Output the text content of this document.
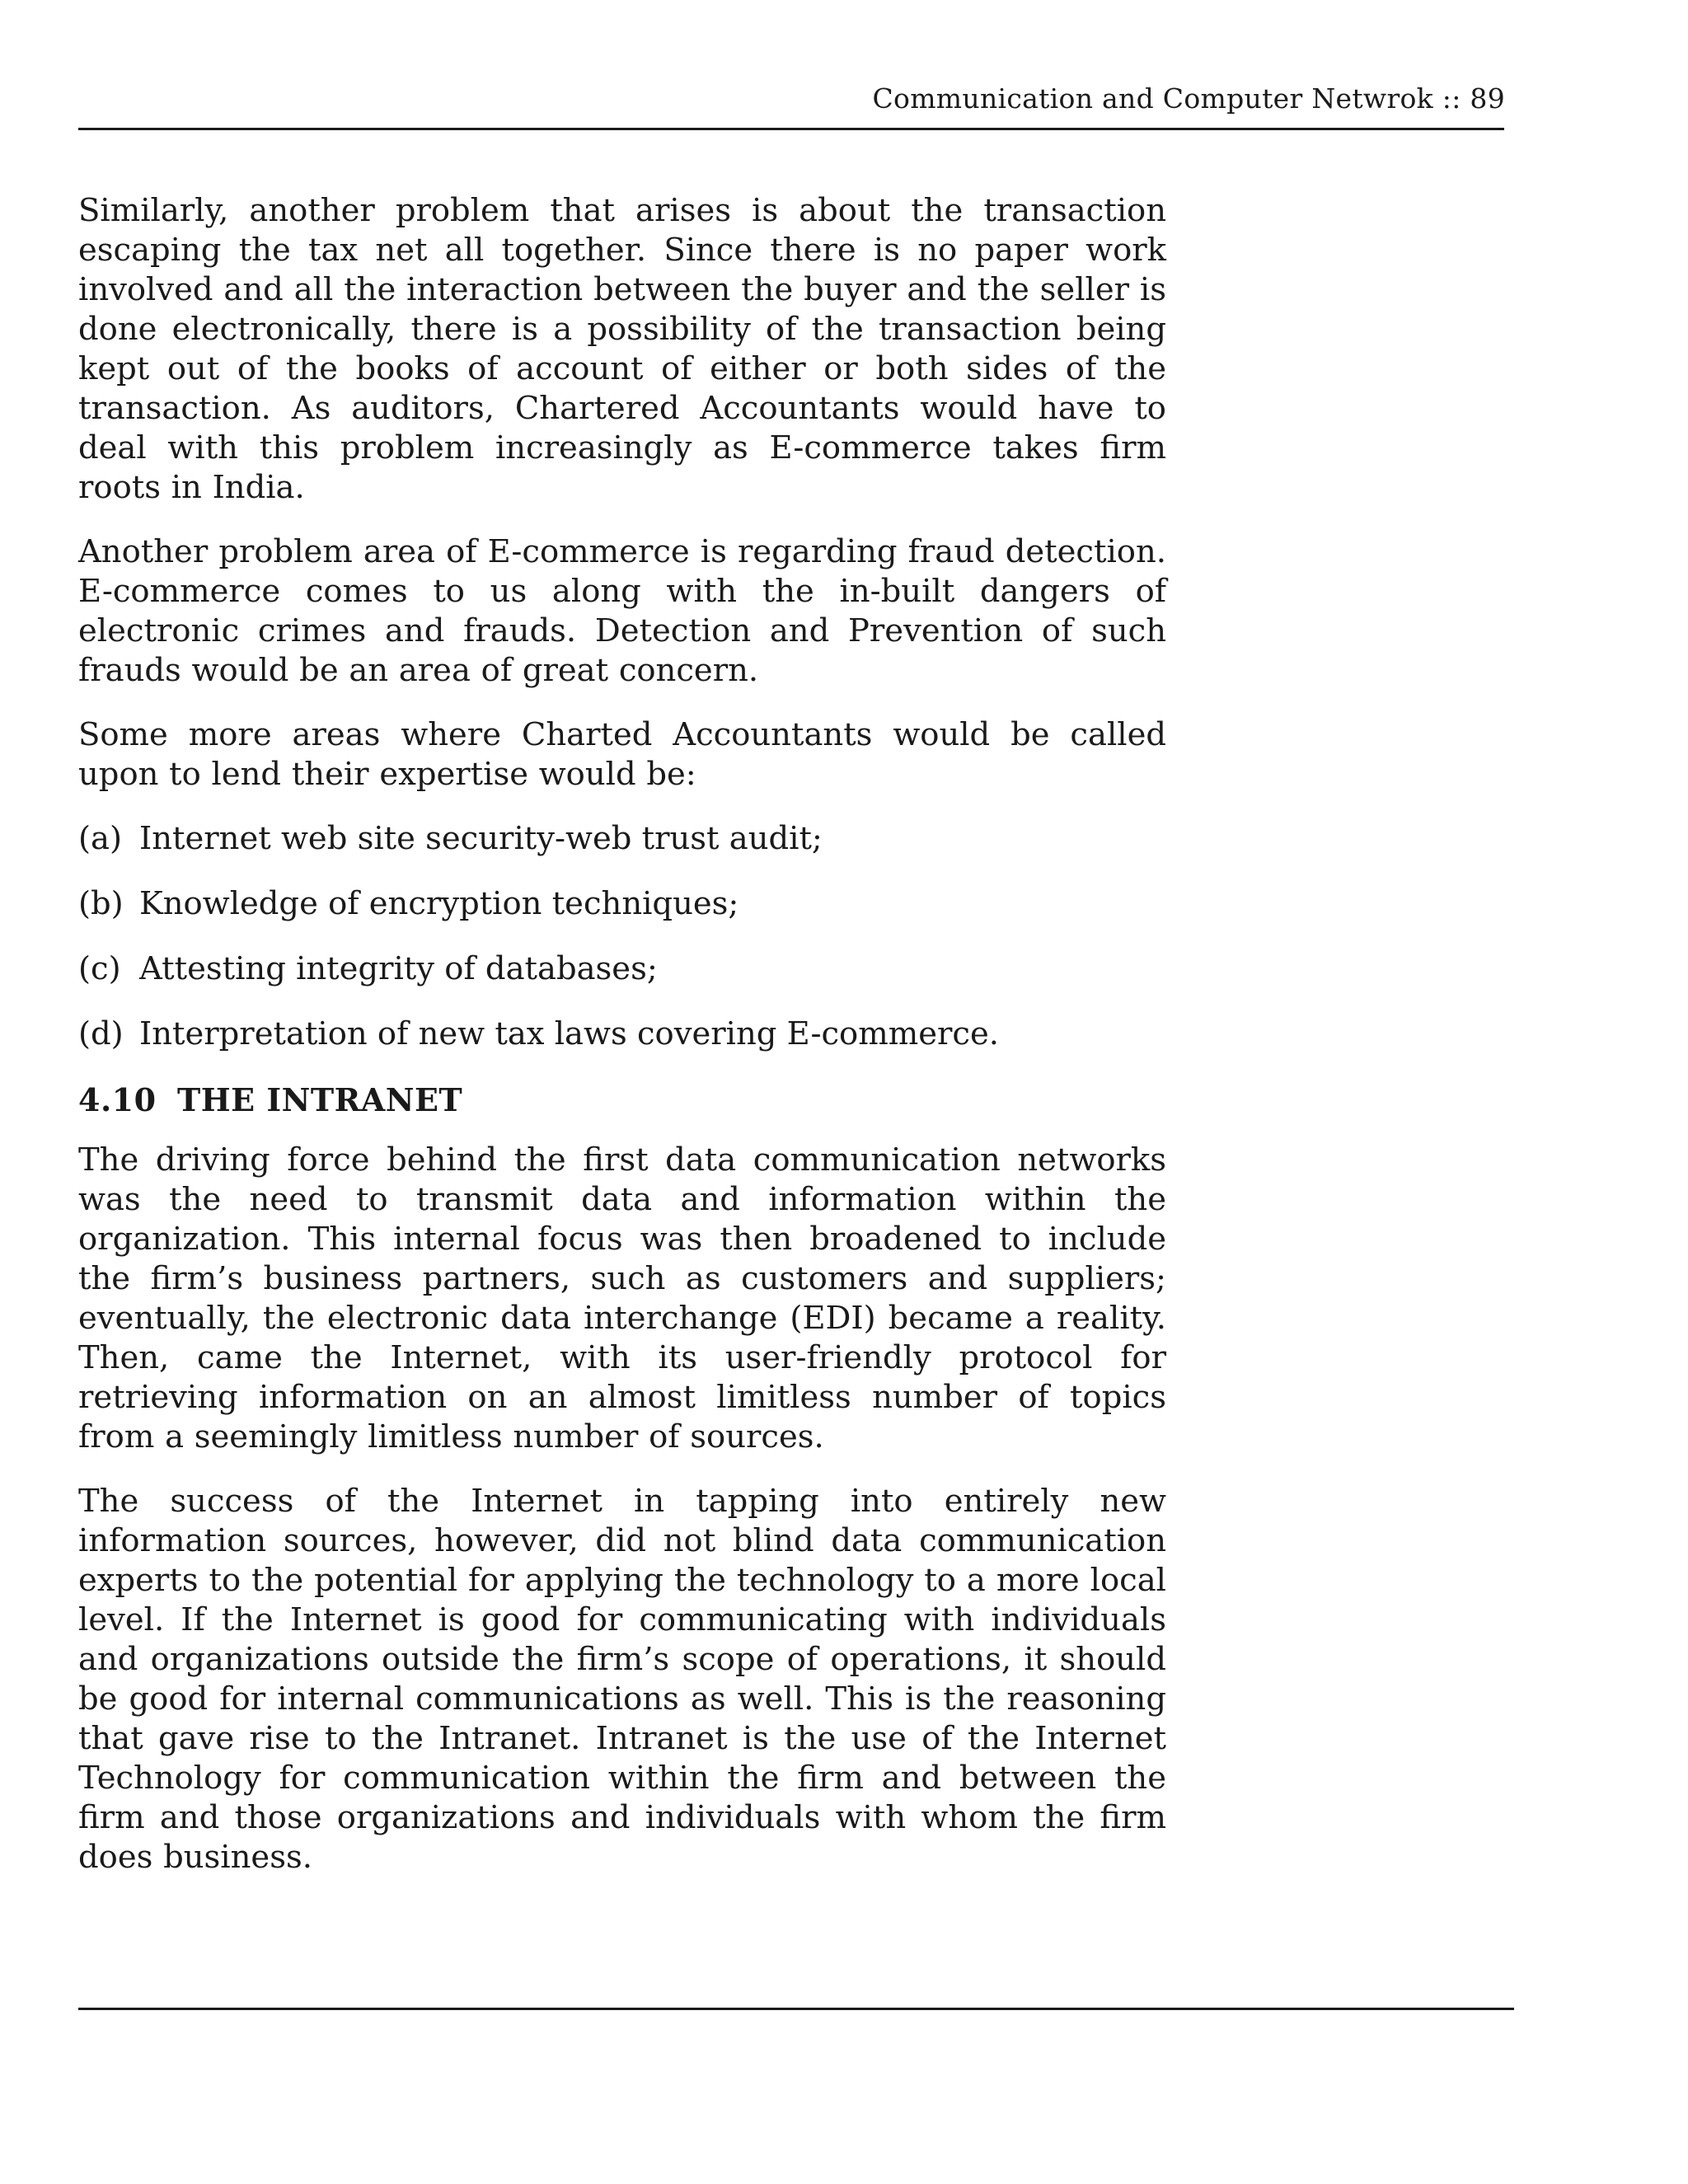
Communication and Computer Netwrok :: 89

Similarly, another problem that arises is about the transaction escaping the tax net all together. Since there is no paper work involved and all the interaction between the buyer and the seller is done electronically, there is a possibility of the transaction being kept out of the books of account of either or both sides of the transaction. As auditors, Chartered Accountants would have to deal with this problem increasingly as E-commerce takes firm roots in India.

Another problem area of E-commerce is regarding fraud detection. E-commerce comes to us along with the in-built dangers of electronic crimes and frauds. Detection and Prevention of such frauds would be an area of great concern.

Some more areas where Charted Accountants would be called upon to lend their expertise would be:

(a) Internet web site security-web trust audit;
(b) Knowledge of encryption techniques;
(c) Attesting integrity of databases;
(d) Interpretation of new tax laws covering E-commerce.
4.10 THE INTRANET

The driving force behind the first data communication networks was the need to transmit data and information within the organization. This internal focus was then broadened to include the firm’s business partners, such as customers and suppliers; eventually, the electronic data interchange (EDI) became a reality. Then, came the Internet, with its user-friendly protocol for retrieving information on an almost limitless number of topics from a seemingly limitless number of sources.

The success of the Internet in tapping into entirely new information sources, however, did not blind data communication experts to the potential for applying the technology to a more local level. If the Internet is good for communicating with individuals and organizations outside the firm’s scope of operations, it should be good for internal communications as well. This is the reasoning that gave rise to the Intranet. Intranet is the use of the Internet Technology for communication within the firm and between the firm and those organizations and individuals with whom the firm does business.
